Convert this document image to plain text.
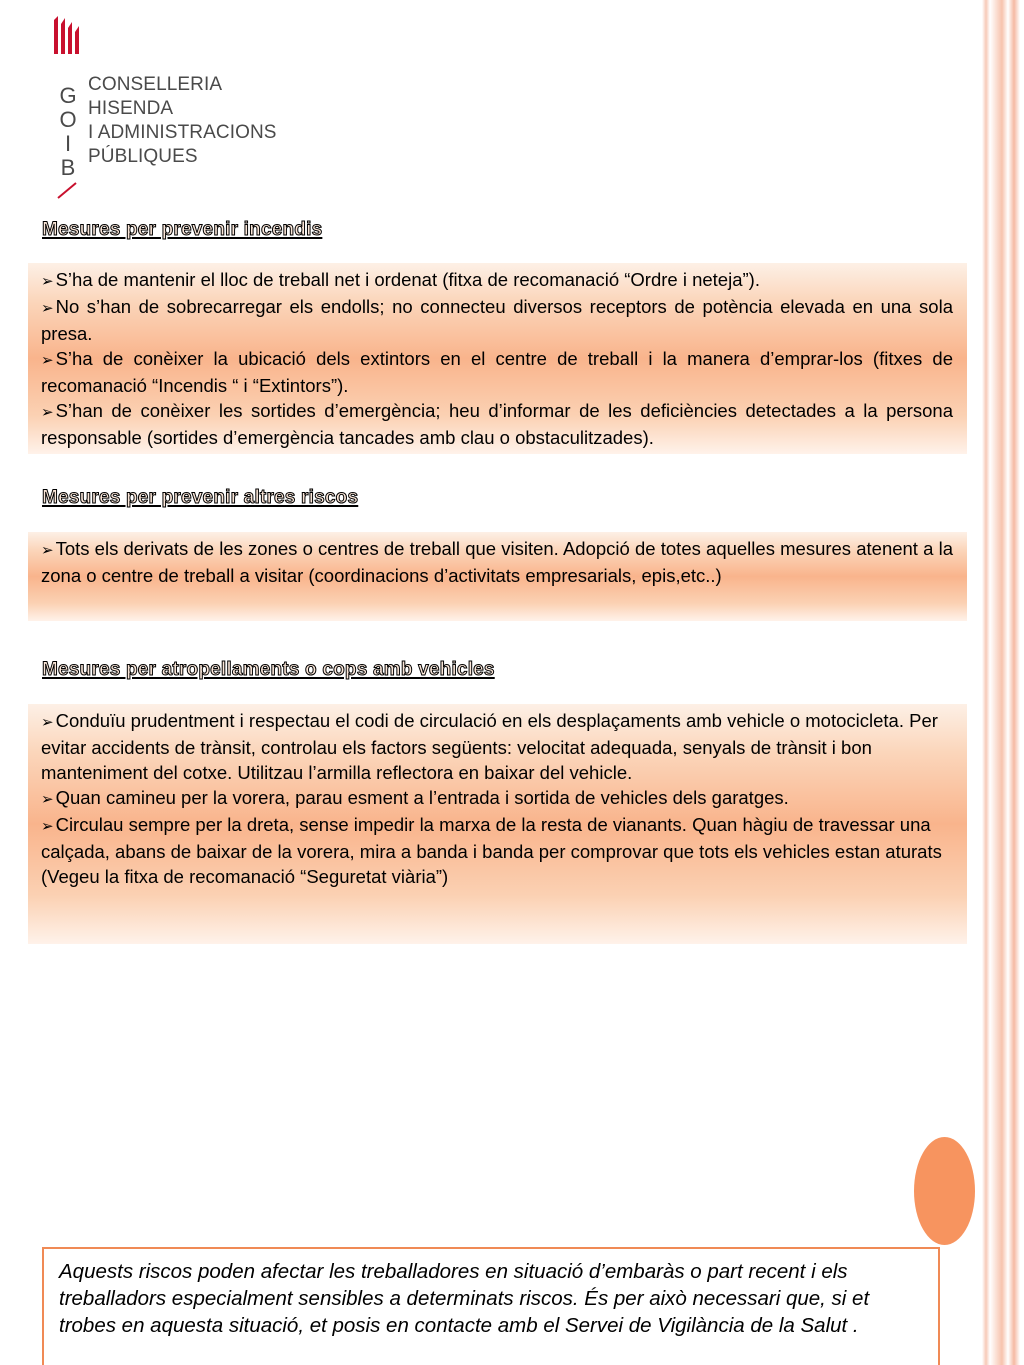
G
O
I
B
CONSELLERIA
HISENDA
I ADMINISTRACIONS
PÚBLIQUES
Mesures per prevenir incendis

➢ S’ha de mantenir el lloc de treball net i ordenat (fitxa de recomanació “Ordre i neteja”).

➢ No s’han de sobrecarregar els endolls; no connecteu diversos receptors de potència elevada en una sola presa.

➢ S’ha de conèixer la ubicació dels extintors en el centre de treball i la manera d’emprar-los (fitxes de recomanació “Incendis “ i “Extintors”).

➢ S’han de conèixer les sortides d’emergència; heu d’informar de les deficiències detectades a la persona responsable (sortides d’emergència tancades amb clau o obstaculitzades).

Mesures per prevenir altres riscos

➢ Tots els derivats de les zones o centres de treball que visiten. Adopció de totes aquelles mesures atenent a la zona o centre de treball a visitar (coordinacions d’activitats empresarials, epis,etc..)

Mesures per atropellaments o cops amb vehicles

➢ Conduïu prudentment i respectau el codi de circulació en els desplaçaments amb vehicle o motocicleta. Per evitar accidents de trànsit, controlau els factors següents: velocitat adequada, senyals de trànsit i bon manteniment del cotxe. Utilitzau l’armilla reflectora en baixar del vehicle.

➢ Quan camineu per la vorera, parau esment a l’entrada i sortida de vehicles dels garatges.

➢ Circulau sempre per la dreta, sense impedir la marxa de la resta de vianants. Quan hàgiu de travessar una calçada, abans de baixar de la vorera, mira a banda i banda per comprovar que tots els vehicles estan aturats (Vegeu la fitxa de recomanació “Seguretat viària”)

Aquests riscos poden afectar les treballadores en situació d’embaràs o part recent i els treballadors especialment sensibles a determinats riscos. És per això necessari que, si et trobes en aquesta situació, et posis en contacte amb el Servei de Vigilància de la Salut .
